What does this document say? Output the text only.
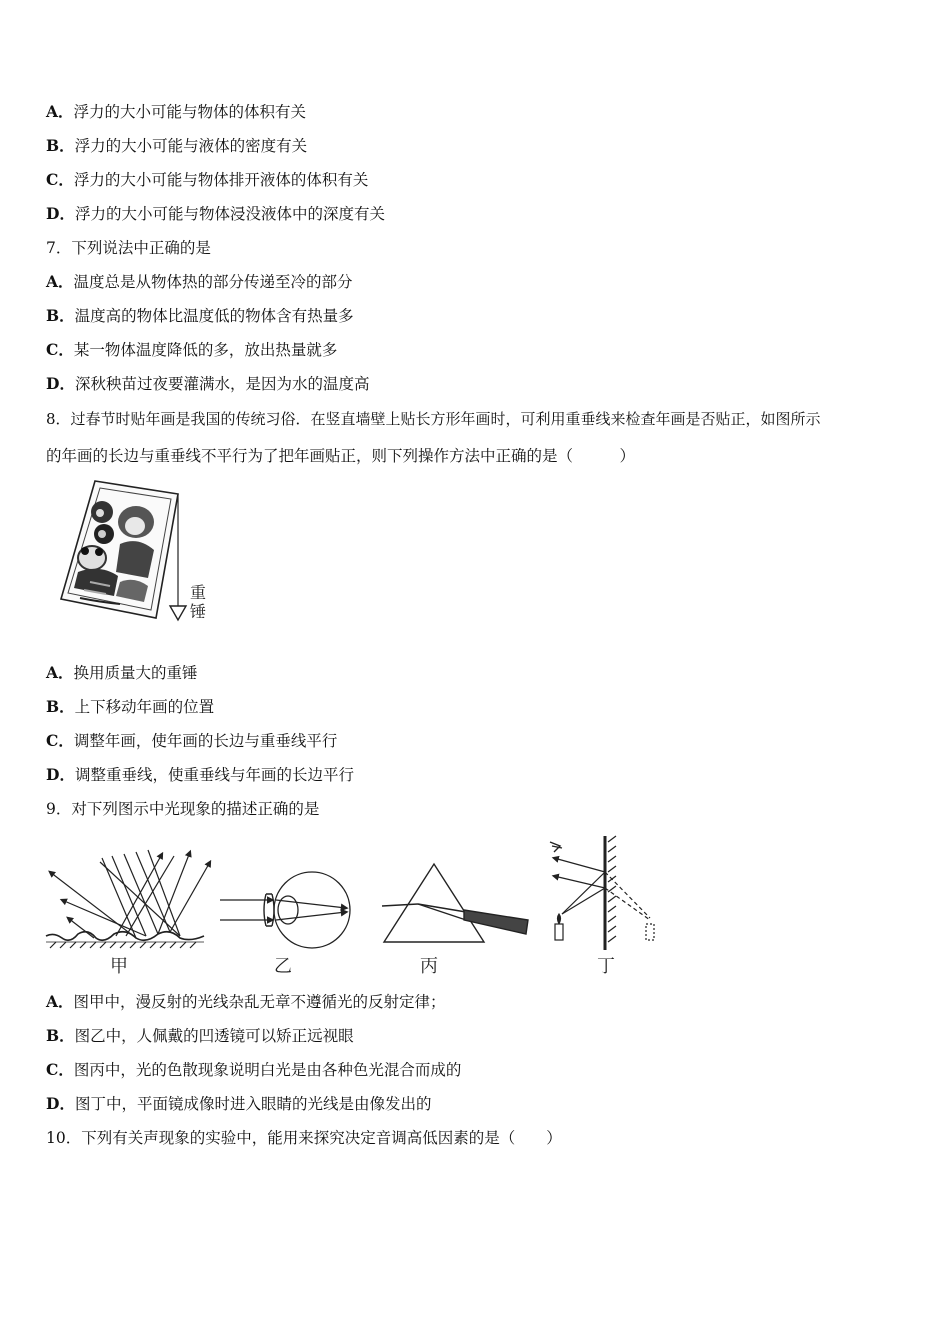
A．浮力的大小可能与物体的体积有关
B．浮力的大小可能与液体的密度有关
C．浮力的大小可能与物体排开液体的体积有关
D．浮力的大小可能与物体浸没液体中的深度有关
7．下列说法中正确的是
A．温度总是从物体热的部分传递至冷的部分
B．温度高的物体比温度低的物体含有热量多
C．某一物体温度降低的多，放出热量就多
D．深秋秧苗过夜要灌满水，是因为水的温度高
8．过春节时贴年画是我国的传统习俗．在竖直墙壁上贴长方形年画时，可利用重垂线来检查年画是否贴正，如图所示
的年画的长边与重垂线不平行为了把年画贴正，则下列操作方法中正确的是（　　　）
重
锤
A．换用质量大的重锤
B．上下移动年画的位置
C．调整年画，使年画的长边与重垂线平行
D．调整重垂线，使重垂线与年画的长边平行
9．对下列图示中光现象的描述正确的是
甲	乙	丙	丁
A．图甲中，漫反射的光线杂乱无章不遵循光的反射定律；
B．图乙中，人佩戴的凹透镜可以矫正远视眼
C．图丙中，光的色散现象说明白光是由各种色光混合而成的
D．图丁中，平面镜成像时进入眼睛的光线是由像发出的
10．下列有关声现象的实验中，能用来探究决定音调高低因素的是（　　）
